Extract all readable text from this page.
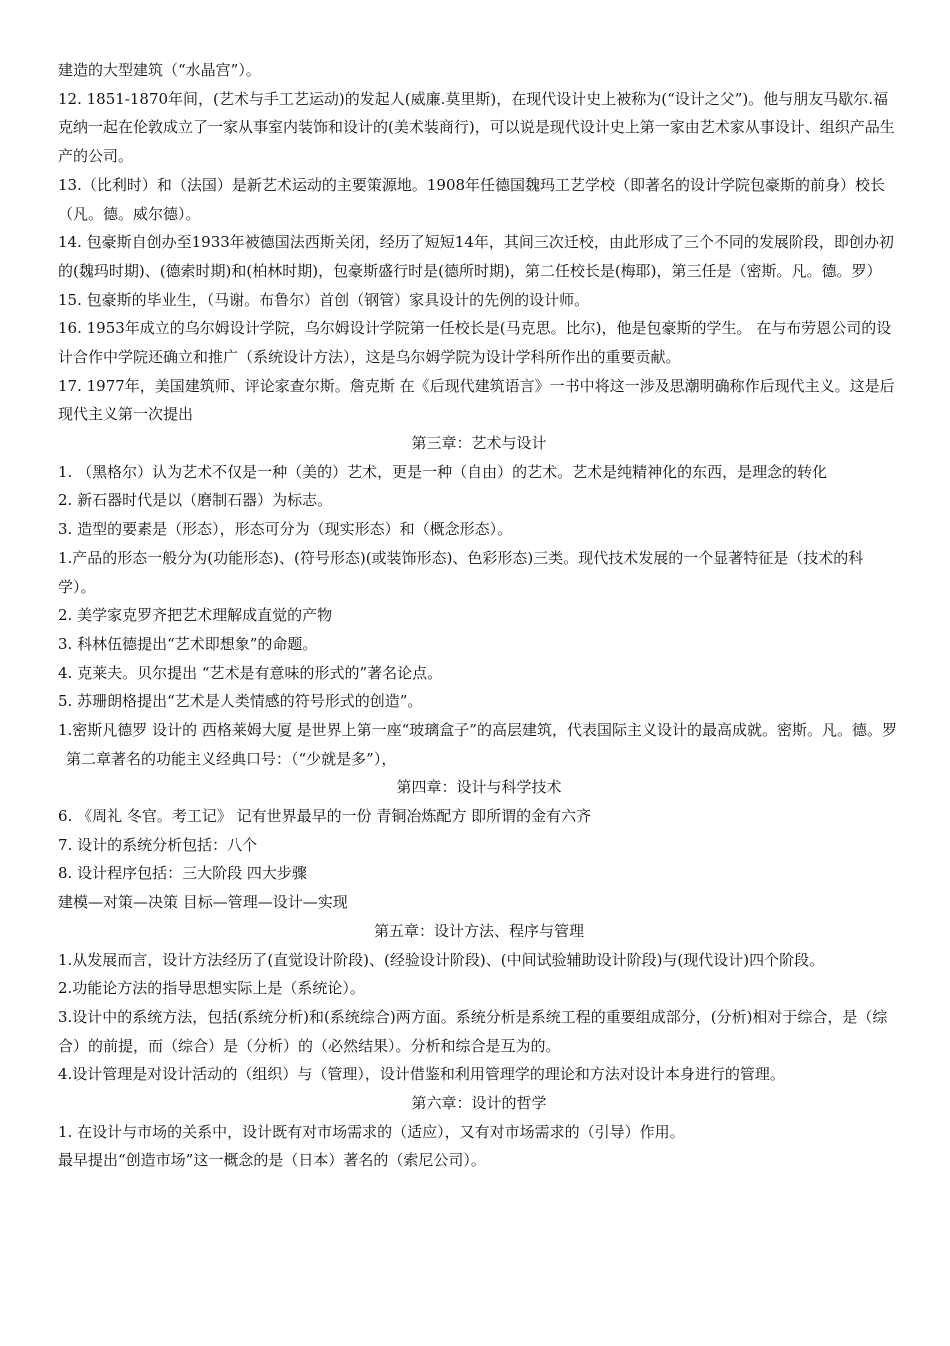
建造的大型建筑（“水晶宫”）。

12. 1851-1870年间，(艺术与手工艺运动)的发起人(威廉.莫里斯)，在现代设计史上被称为(“设计之父”)。他与朋友马歇尔.福克纳一起在伦敦成立了一家从事室内装饰和设计的(美术装商行)，可以说是现代设计史上第一家由艺术家从事设计、组织产品生产的公司。

13.（比利时）和（法国）是新艺术运动的主要策源地。1908年任德国魏玛工艺学校（即著名的设计学院包豪斯的前身）校长（凡。德。威尔德）。

14. 包豪斯自创办至1933年被德国法西斯关闭，经历了短短14年，其间三次迁校，由此形成了三个不同的发展阶段，即创办初的(魏玛时期)、(德索时期)和(柏林时期)，包豪斯盛行时是(德所时期)，第二任校长是(梅耶)，第三任是（密斯。凡。德。罗）

15. 包豪斯的毕业生，（马谢。布鲁尔）首创（钢管）家具设计的先例的设计师。

16. 1953年成立的乌尔姆设计学院，乌尔姆设计学院第一任校长是(马克思。比尔)，他是包豪斯的学生。 在与布劳恩公司的设计合作中学院还确立和推广（系统设计方法），这是乌尔姆学院为设计学科所作出的重要贡献。

17. 1977年，美国建筑师、评论家查尔斯。詹克斯 在《后现代建筑语言》一书中将这一涉及思潮明确称作后现代主义。这是后现代主义第一次提出

第三章：艺术与设计

1. （黑格尔）认为艺术不仅是一种（美的）艺术，更是一种（自由）的艺术。艺术是纯精神化的东西，是理念的转化

2. 新石器时代是以（磨制石器）为标志。

3. 造型的要素是（形态），形态可分为（现实形态）和（概念形态）。

1.产品的形态一般分为(功能形态)、(符号形态)(或装饰形态)、色彩形态)三类。现代技术发展的一个显著特征是（技术的科学）。

2. 美学家克罗齐把艺术理解成直觉的产物

3. 科林伍德提出“艺术即想象”的命题。

4. 克莱夫。贝尔提出 “艺术是有意味的形式的”著名论点。

5. 苏珊朗格提出“艺术是人类情感的符号形式的创造”。

1.密斯凡德罗 设计的 西格莱姆大厦 是世界上第一座“玻璃盒子”的高层建筑，代表国际主义设计的最高成就。密斯。凡。德。罗

第二章著名的功能主义经典口号：（“少就是多”），

第四章：设计与科学技术

6. 《周礼 冬官。考工记》 记有世界最早的一份 青铜冶炼配方 即所谓的金有六齐

7. 设计的系统分析包括：八个

8. 设计程序包括：三大阶段 四大步骤

建模—对策—决策 目标—管理—设计—实现

第五章：设计方法、程序与管理

1.从发展而言，设计方法经历了(直觉设计阶段)、(经验设计阶段)、(中间试验辅助设计阶段)与(现代设计)四个阶段。

2.功能论方法的指导思想实际上是（系统论）。

3.设计中的系统方法，包括(系统分析)和(系统综合)两方面。系统分析是系统工程的重要组成部分，(分析)相对于综合，是（综合）的前提，而（综合）是（分析）的（必然结果）。分析和综合是互为的。

4.设计管理是对设计活动的（组织）与（管理），设计借鉴和利用管理学的理论和方法对设计本身进行的管理。

第六章：设计的哲学

1. 在设计与市场的关系中，设计既有对市场需求的（适应），又有对市场需求的（引导）作用。

最早提出“创造市场”这一概念的是（日本）著名的（索尼公司）。
